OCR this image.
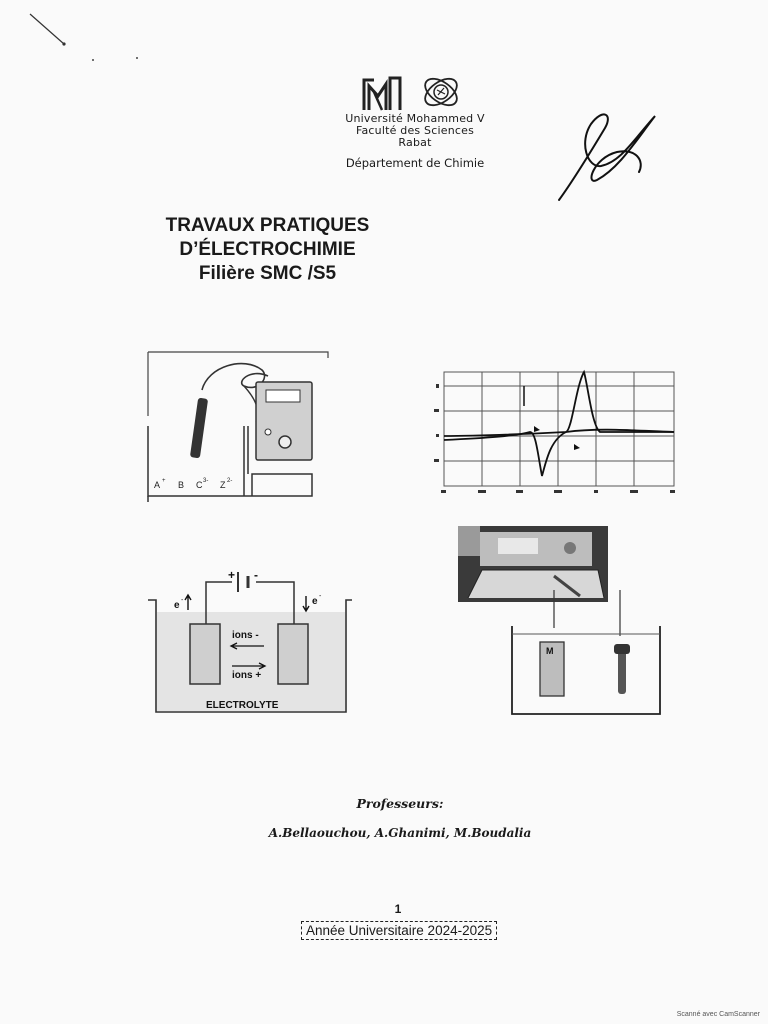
Université Mohammed V
Faculté des Sciences
Rabat
Département de Chimie
TRAVAUX PRATIQUES
D’ÉLECTROCHIMIE
Filière SMC /S5
A + B C 3- Z 2-
+ -
e -	e -
ions -
ions +
ELECTROLYTE
M
Professeurs:
A.Bellaouchou, A.Ghanimi, M.Boudalia
1
Année Universitaire 2024-2025
Scanné avec CamScanner
